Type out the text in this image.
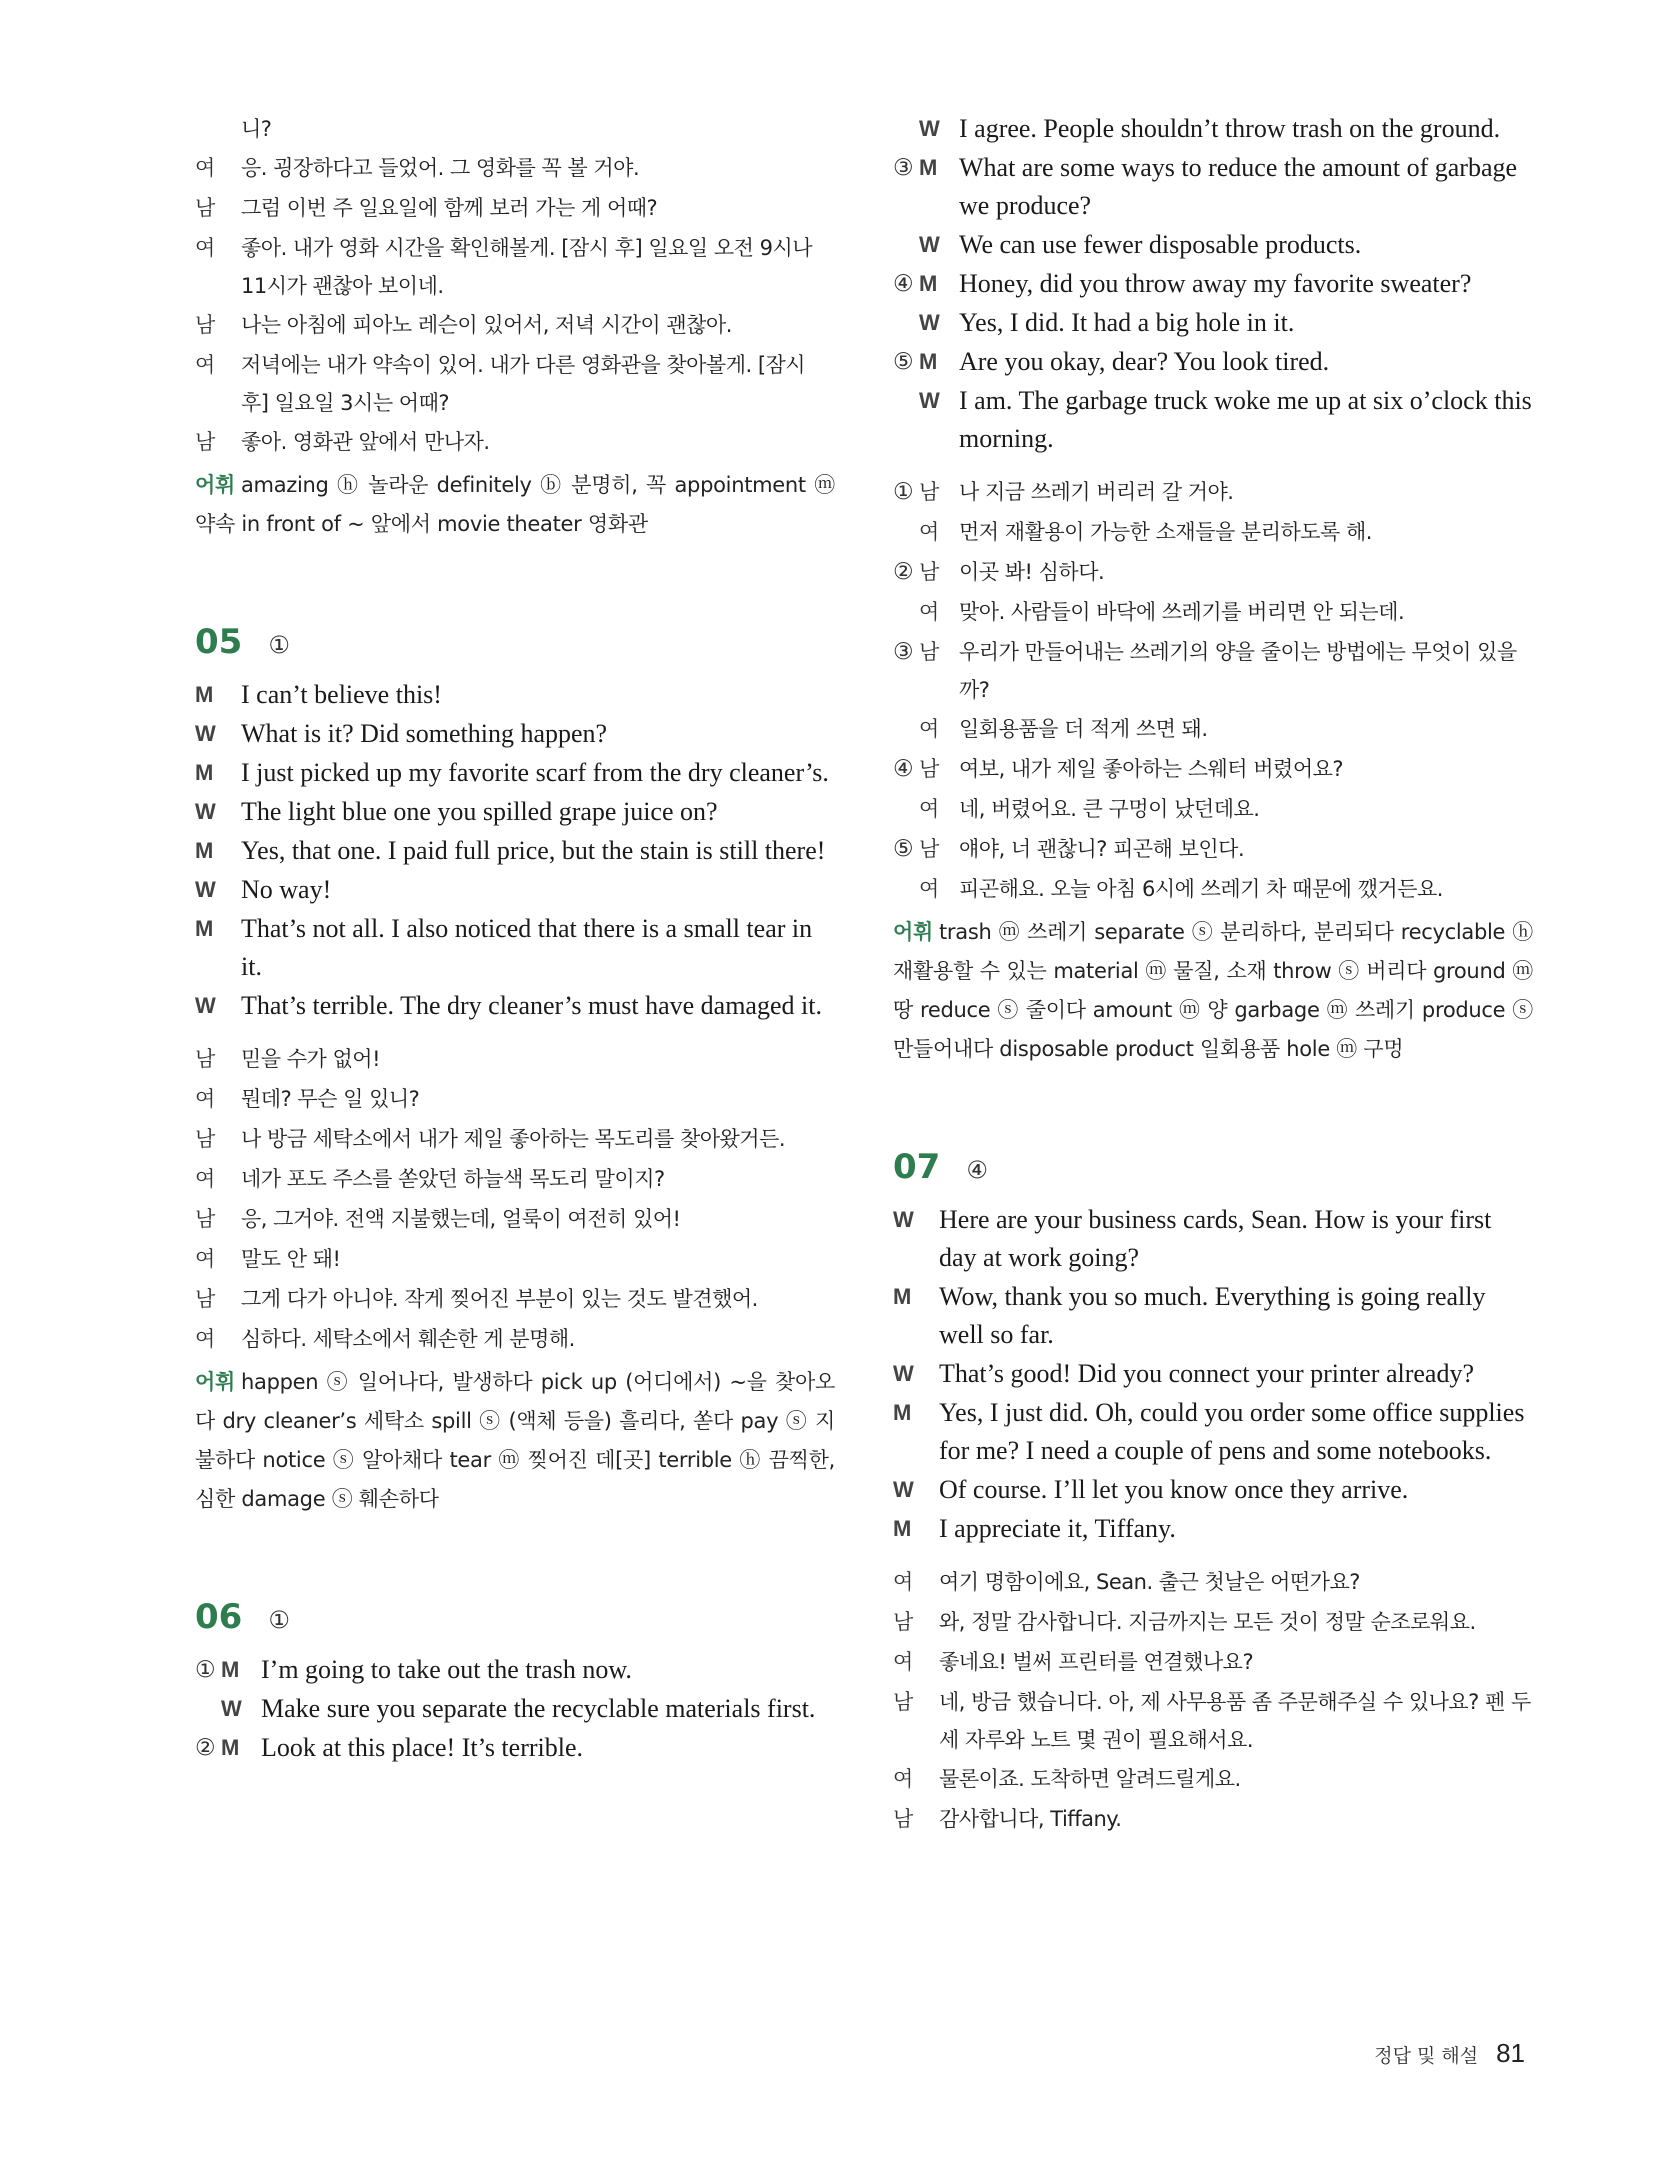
니?
여	응. 굉장하다고 들었어. 그 영화를 꼭 볼 거야.
남	그럼 이번 주 일요일에 함께 보러 가는 게 어때?
여	좋아. 내가 영화 시간을 확인해볼게. [잠시 후] 일요일 오전 9시나 11시가 괜찮아 보이네.
남	나는 아침에 피아노 레슨이 있어서, 저녁 시간이 괜찮아.
여	저녁에는 내가 약속이 있어. 내가 다른 영화관을 찾아볼게. [잠시 후] 일요일 3시는 어때?
남	좋아. 영화관 앞에서 만나자.
어휘 amazing ⓗ 놀라운 definitely ⓑ 분명히, 꼭 appointment ⓜ 약속 in front of ~ 앞에서 movie theater 영화관
05 ①
M	I can’t believe this!
W What is it? Did something happen?
M	I just picked up my favorite scarf from the dry cleaner’s.
W The light blue one you spilled grape juice on?
M	Yes, that one. I paid full price, but the stain is still there!
W No way!
M	That’s not all. I also noticed that there is a small tear in it.
W That’s terrible. The dry cleaner’s must have damaged it.
남	믿을 수가 없어!
여	뭔데? 무슨 일 있니?
남	나 방금 세탁소에서 내가 제일 좋아하는 목도리를 찾아왔거든.
여	네가 포도 주스를 쏟았던 하늘색 목도리 말이지?
남	응, 그거야. 전액 지불했는데, 얼룩이 여전히 있어!
여	말도 안 돼!
남	그게 다가 아니야. 작게 찢어진 부분이 있는 것도 발견했어.
여	심하다. 세탁소에서 훼손한 게 분명해.
어휘 happen ⓢ 일어나다, 발생하다 pick up (어디에서) ~을 찾아오다 dry cleaner’s 세탁소 spill ⓢ (액체 등을) 흘리다, 쏟다 pay ⓢ 지불하다 notice ⓢ 알아채다 tear ⓜ 찢어진 데[곳] terrible ⓗ 끔찍한, 심한 damage ⓢ 훼손하다
06 ①
① M I’m going to take out the trash now.
W Make sure you separate the recyclable materials first.
② M Look at this place! It’s terrible.
W I agree. People shouldn’t throw trash on the ground.
③ M What are some ways to reduce the amount of garbage we produce?
W We can use fewer disposable products.
④ M Honey, did you throw away my favorite sweater?
W Yes, I did. It had a big hole in it.
⑤ M Are you okay, dear? You look tired.
W I am. The garbage truck woke me up at six o’clock this morning.
① 남 나 지금 쓰레기 버리러 갈 거야.
여 먼저 재활용이 가능한 소재들을 분리하도록 해.
② 남 이곳 봐! 심하다.
여 맞아. 사람들이 바닥에 쓰레기를 버리면 안 되는데.
③ 남 우리가 만들어내는 쓰레기의 양을 줄이는 방법에는 무엇이 있을까?
여 일회용품을 더 적게 쓰면 돼.
④ 남 여보, 내가 제일 좋아하는 스웨터 버렸어요?
여 네, 버렸어요. 큰 구멍이 났던데요.
⑤ 남 얘야, 너 괜찮니? 피곤해 보인다.
여 피곤해요. 오늘 아침 6시에 쓰레기 차 때문에 깼거든요.
어휘 trash ⓜ 쓰레기 separate ⓢ 분리하다, 분리되다 recyclable ⓗ 재활용할 수 있는 material ⓜ 물질, 소재 throw ⓢ 버리다 ground ⓜ 땅 reduce ⓢ 줄이다 amount ⓜ 양 garbage ⓜ 쓰레기 produce ⓢ 만들어내다 disposable product 일회용품 hole ⓜ 구멍
07 ④
W Here are your business cards, Sean. How is your first day at work going?
M	Wow, thank you so much. Everything is going really well so far.
W That’s good! Did you connect your printer already?
M	Yes, I just did. Oh, could you order some office supplies for me? I need a couple of pens and some notebooks.
W Of course. I’ll let you know once they arrive.
M	I appreciate it, Tiffany.
여	여기 명함이에요, Sean. 출근 첫날은 어떤가요?
남	와, 정말 감사합니다. 지금까지는 모든 것이 정말 순조로워요.
여	좋네요! 벌써 프린터를 연결했나요?
남	네, 방금 했습니다. 아, 제 사무용품 좀 주문해주실 수 있나요? 펜 두세 자루와 노트 몇 권이 필요해서요.
여	물론이죠. 도착하면 알려드릴게요.
남	감사합니다, Tiffany.
정답 및 해설 81
